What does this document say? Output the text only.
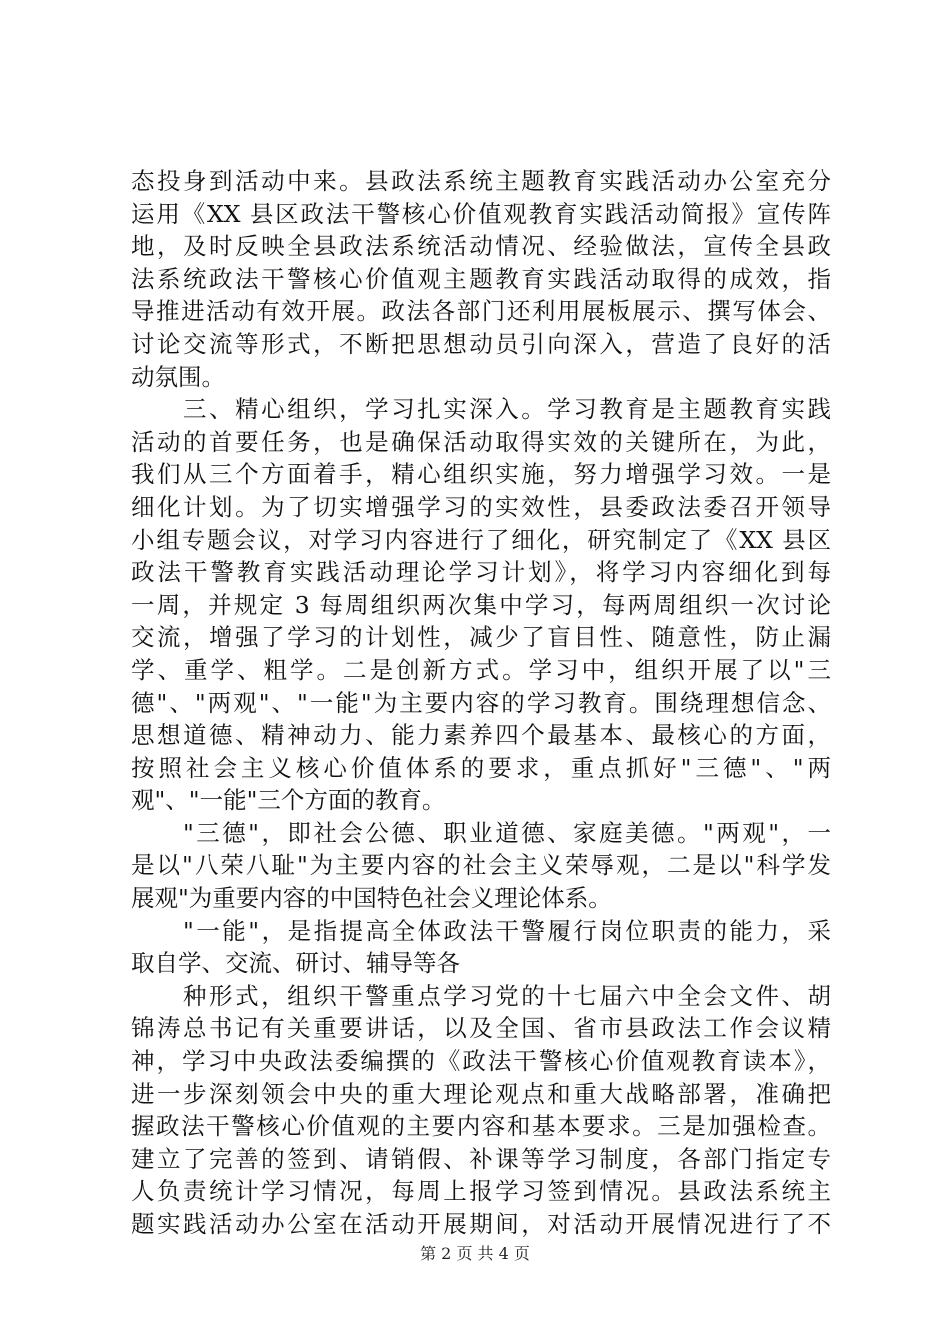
态投身到活动中来。县政法系统主题教育实践活动办公室充分
运用《XX 县区政法干警核心价值观教育实践活动简报》宣传阵
地，及时反映全县政法系统活动情况、经验做法，宣传全县政
法系统政法干警核心价值观主题教育实践活动取得的成效，指
导推进活动有效开展。政法各部门还利用展板展示、撰写体会、
讨论交流等形式，不断把思想动员引向深入，营造了良好的活
动氛围。
　　三、精心组织，学习扎实深入。学习教育是主题教育实践
活动的首要任务，也是确保活动取得实效的关键所在，为此，
我们从三个方面着手，精心组织实施，努力增强学习效。一是
细化计划。为了切实增强学习的实效性，县委政法委召开领导
小组专题会议，对学习内容进行了细化，研究制定了《XX 县区
政法干警教育实践活动理论学习计划》，将学习内容细化到每
一周，并规定 3 每周组织两次集中学习，每两周组织一次讨论
交流，增强了学习的计划性，减少了盲目性、随意性，防止漏
学、重学、粗学。二是创新方式。学习中，组织开展了以"三
德"、"两观"、"一能"为主要内容的学习教育。围绕理想信念、
思想道德、精神动力、能力素养四个最基本、最核心的方面，
按照社会主义核心价值体系的要求，重点抓好"三德"、"两
观"、"一能"三个方面的教育。
　　"三德"，即社会公德、职业道德、家庭美德。"两观"，一
是以"八荣八耻"为主要内容的社会主义荣辱观，二是以"科学发
展观"为重要内容的中国特色社会义理论体系。
　　"一能"，是指提高全体政法干警履行岗位职责的能力，采
取自学、交流、研讨、辅导等各
　　种形式，组织干警重点学习党的十七届六中全会文件、胡
锦涛总书记有关重要讲话，以及全国、省市县政法工作会议精
神，学习中央政法委编撰的《政法干警核心价值观教育读本》，
进一步深刻领会中央的重大理论观点和重大战略部署，准确把
握政法干警核心价值观的主要内容和基本要求。三是加强检查。
建立了完善的签到、请销假、补课等学习制度，各部门指定专
人负责统计学习情况，每周上报学习签到情况。县政法系统主
题实践活动办公室在活动开展期间，对活动开展情况进行了不
第 2 页 共 4 页
